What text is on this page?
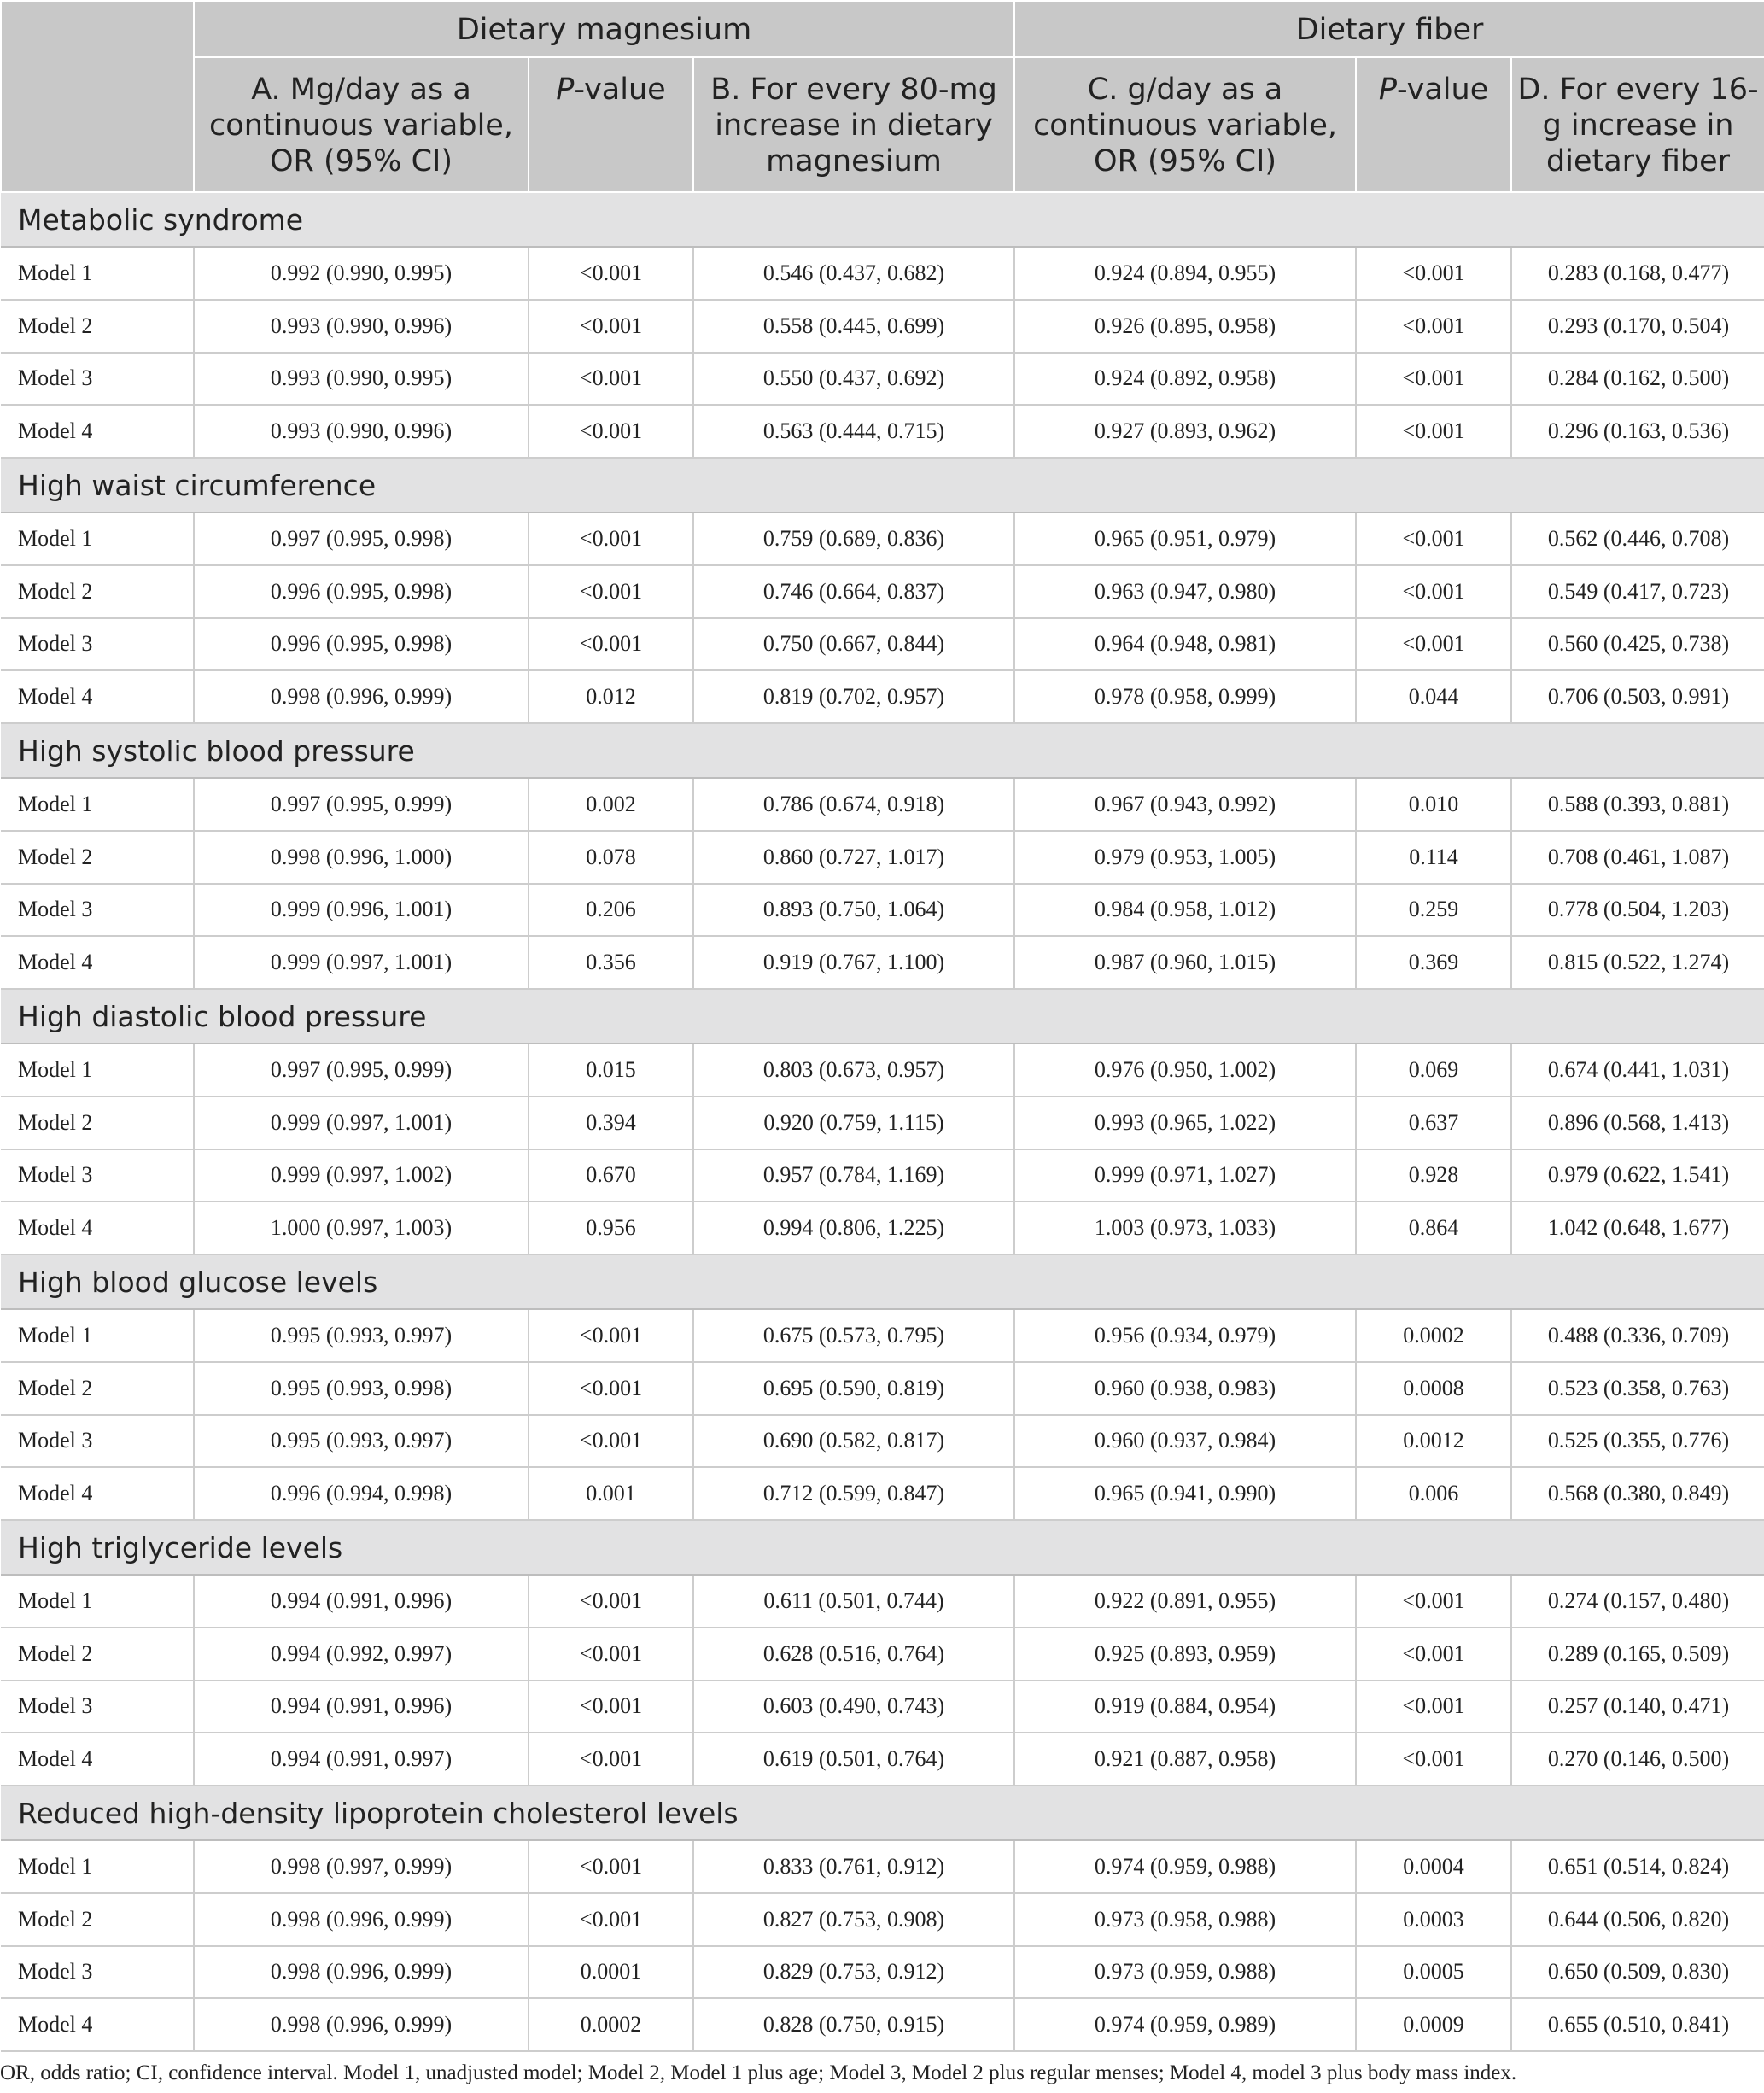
	Dietary magnesium			Dietary fiber		
	A. Mg/day as a continuous variable, OR (95% CI)	P-value	B. For every 80-mg increase in dietary magnesium	C. g/day as a continuous variable, OR (95% CI)	P-value	D. For every 16-g increase in dietary fiber
Metabolic syndrome						
Model 1	0.992 (0.990, 0.995)	<0.001	0.546 (0.437, 0.682)	0.924 (0.894, 0.955)	<0.001	0.283 (0.168, 0.477)
Model 2	0.993 (0.990, 0.996)	<0.001	0.558 (0.445, 0.699)	0.926 (0.895, 0.958)	<0.001	0.293 (0.170, 0.504)
Model 3	0.993 (0.990, 0.995)	<0.001	0.550 (0.437, 0.692)	0.924 (0.892, 0.958)	<0.001	0.284 (0.162, 0.500)
Model 4	0.993 (0.990, 0.996)	<0.001	0.563 (0.444, 0.715)	0.927 (0.893, 0.962)	<0.001	0.296 (0.163, 0.536)
High waist circumference						
Model 1	0.997 (0.995, 0.998)	<0.001	0.759 (0.689, 0.836)	0.965 (0.951, 0.979)	<0.001	0.562 (0.446, 0.708)
Model 2	0.996 (0.995, 0.998)	<0.001	0.746 (0.664, 0.837)	0.963 (0.947, 0.980)	<0.001	0.549 (0.417, 0.723)
Model 3	0.996 (0.995, 0.998)	<0.001	0.750 (0.667, 0.844)	0.964 (0.948, 0.981)	<0.001	0.560 (0.425, 0.738)
Model 4	0.998 (0.996, 0.999)	0.012	0.819 (0.702, 0.957)	0.978 (0.958, 0.999)	0.044	0.706 (0.503, 0.991)
High systolic blood pressure						
Model 1	0.997 (0.995, 0.999)	0.002	0.786 (0.674, 0.918)	0.967 (0.943, 0.992)	0.010	0.588 (0.393, 0.881)
Model 2	0.998 (0.996, 1.000)	0.078	0.860 (0.727, 1.017)	0.979 (0.953, 1.005)	0.114	0.708 (0.461, 1.087)
Model 3	0.999 (0.996, 1.001)	0.206	0.893 (0.750, 1.064)	0.984 (0.958, 1.012)	0.259	0.778 (0.504, 1.203)
Model 4	0.999 (0.997, 1.001)	0.356	0.919 (0.767, 1.100)	0.987 (0.960, 1.015)	0.369	0.815 (0.522, 1.274)
High diastolic blood pressure						
Model 1	0.997 (0.995, 0.999)	0.015	0.803 (0.673, 0.957)	0.976 (0.950, 1.002)	0.069	0.674 (0.441, 1.031)
Model 2	0.999 (0.997, 1.001)	0.394	0.920 (0.759, 1.115)	0.993 (0.965, 1.022)	0.637	0.896 (0.568, 1.413)
Model 3	0.999 (0.997, 1.002)	0.670	0.957 (0.784, 1.169)	0.999 (0.971, 1.027)	0.928	0.979 (0.622, 1.541)
Model 4	1.000 (0.997, 1.003)	0.956	0.994 (0.806, 1.225)	1.003 (0.973, 1.033)	0.864	1.042 (0.648, 1.677)
High blood glucose levels						
Model 1	0.995 (0.993, 0.997)	<0.001	0.675 (0.573, 0.795)	0.956 (0.934, 0.979)	0.0002	0.488 (0.336, 0.709)
Model 2	0.995 (0.993, 0.998)	<0.001	0.695 (0.590, 0.819)	0.960 (0.938, 0.983)	0.0008	0.523 (0.358, 0.763)
Model 3	0.995 (0.993, 0.997)	<0.001	0.690 (0.582, 0.817)	0.960 (0.937, 0.984)	0.0012	0.525 (0.355, 0.776)
Model 4	0.996 (0.994, 0.998)	0.001	0.712 (0.599, 0.847)	0.965 (0.941, 0.990)	0.006	0.568 (0.380, 0.849)
High triglyceride levels						
Model 1	0.994 (0.991, 0.996)	<0.001	0.611 (0.501, 0.744)	0.922 (0.891, 0.955)	<0.001	0.274 (0.157, 0.480)
Model 2	0.994 (0.992, 0.997)	<0.001	0.628 (0.516, 0.764)	0.925 (0.893, 0.959)	<0.001	0.289 (0.165, 0.509)
Model 3	0.994 (0.991, 0.996)	<0.001	0.603 (0.490, 0.743)	0.919 (0.884, 0.954)	<0.001	0.257 (0.140, 0.471)
Model 4	0.994 (0.991, 0.997)	<0.001	0.619 (0.501, 0.764)	0.921 (0.887, 0.958)	<0.001	0.270 (0.146, 0.500)
Reduced high-density lipoprotein cholesterol levels						
Model 1	0.998 (0.997, 0.999)	<0.001	0.833 (0.761, 0.912)	0.974 (0.959, 0.988)	0.0004	0.651 (0.514, 0.824)
Model 2	0.998 (0.996, 0.999)	<0.001	0.827 (0.753, 0.908)	0.973 (0.958, 0.988)	0.0003	0.644 (0.506, 0.820)
Model 3	0.998 (0.996, 0.999)	0.0001	0.829 (0.753, 0.912)	0.973 (0.959, 0.988)	0.0005	0.650 (0.509, 0.830)
Model 4	0.998 (0.996, 0.999)	0.0002	0.828 (0.750, 0.915)	0.974 (0.959, 0.989)	0.0009	0.655 (0.510, 0.841)
OR, odds ratio; CI, confidence interval. Model 1, unadjusted model; Model 2, Model 1 plus age; Model 3, Model 2 plus regular menses; Model 4, model 3 plus body mass index.
